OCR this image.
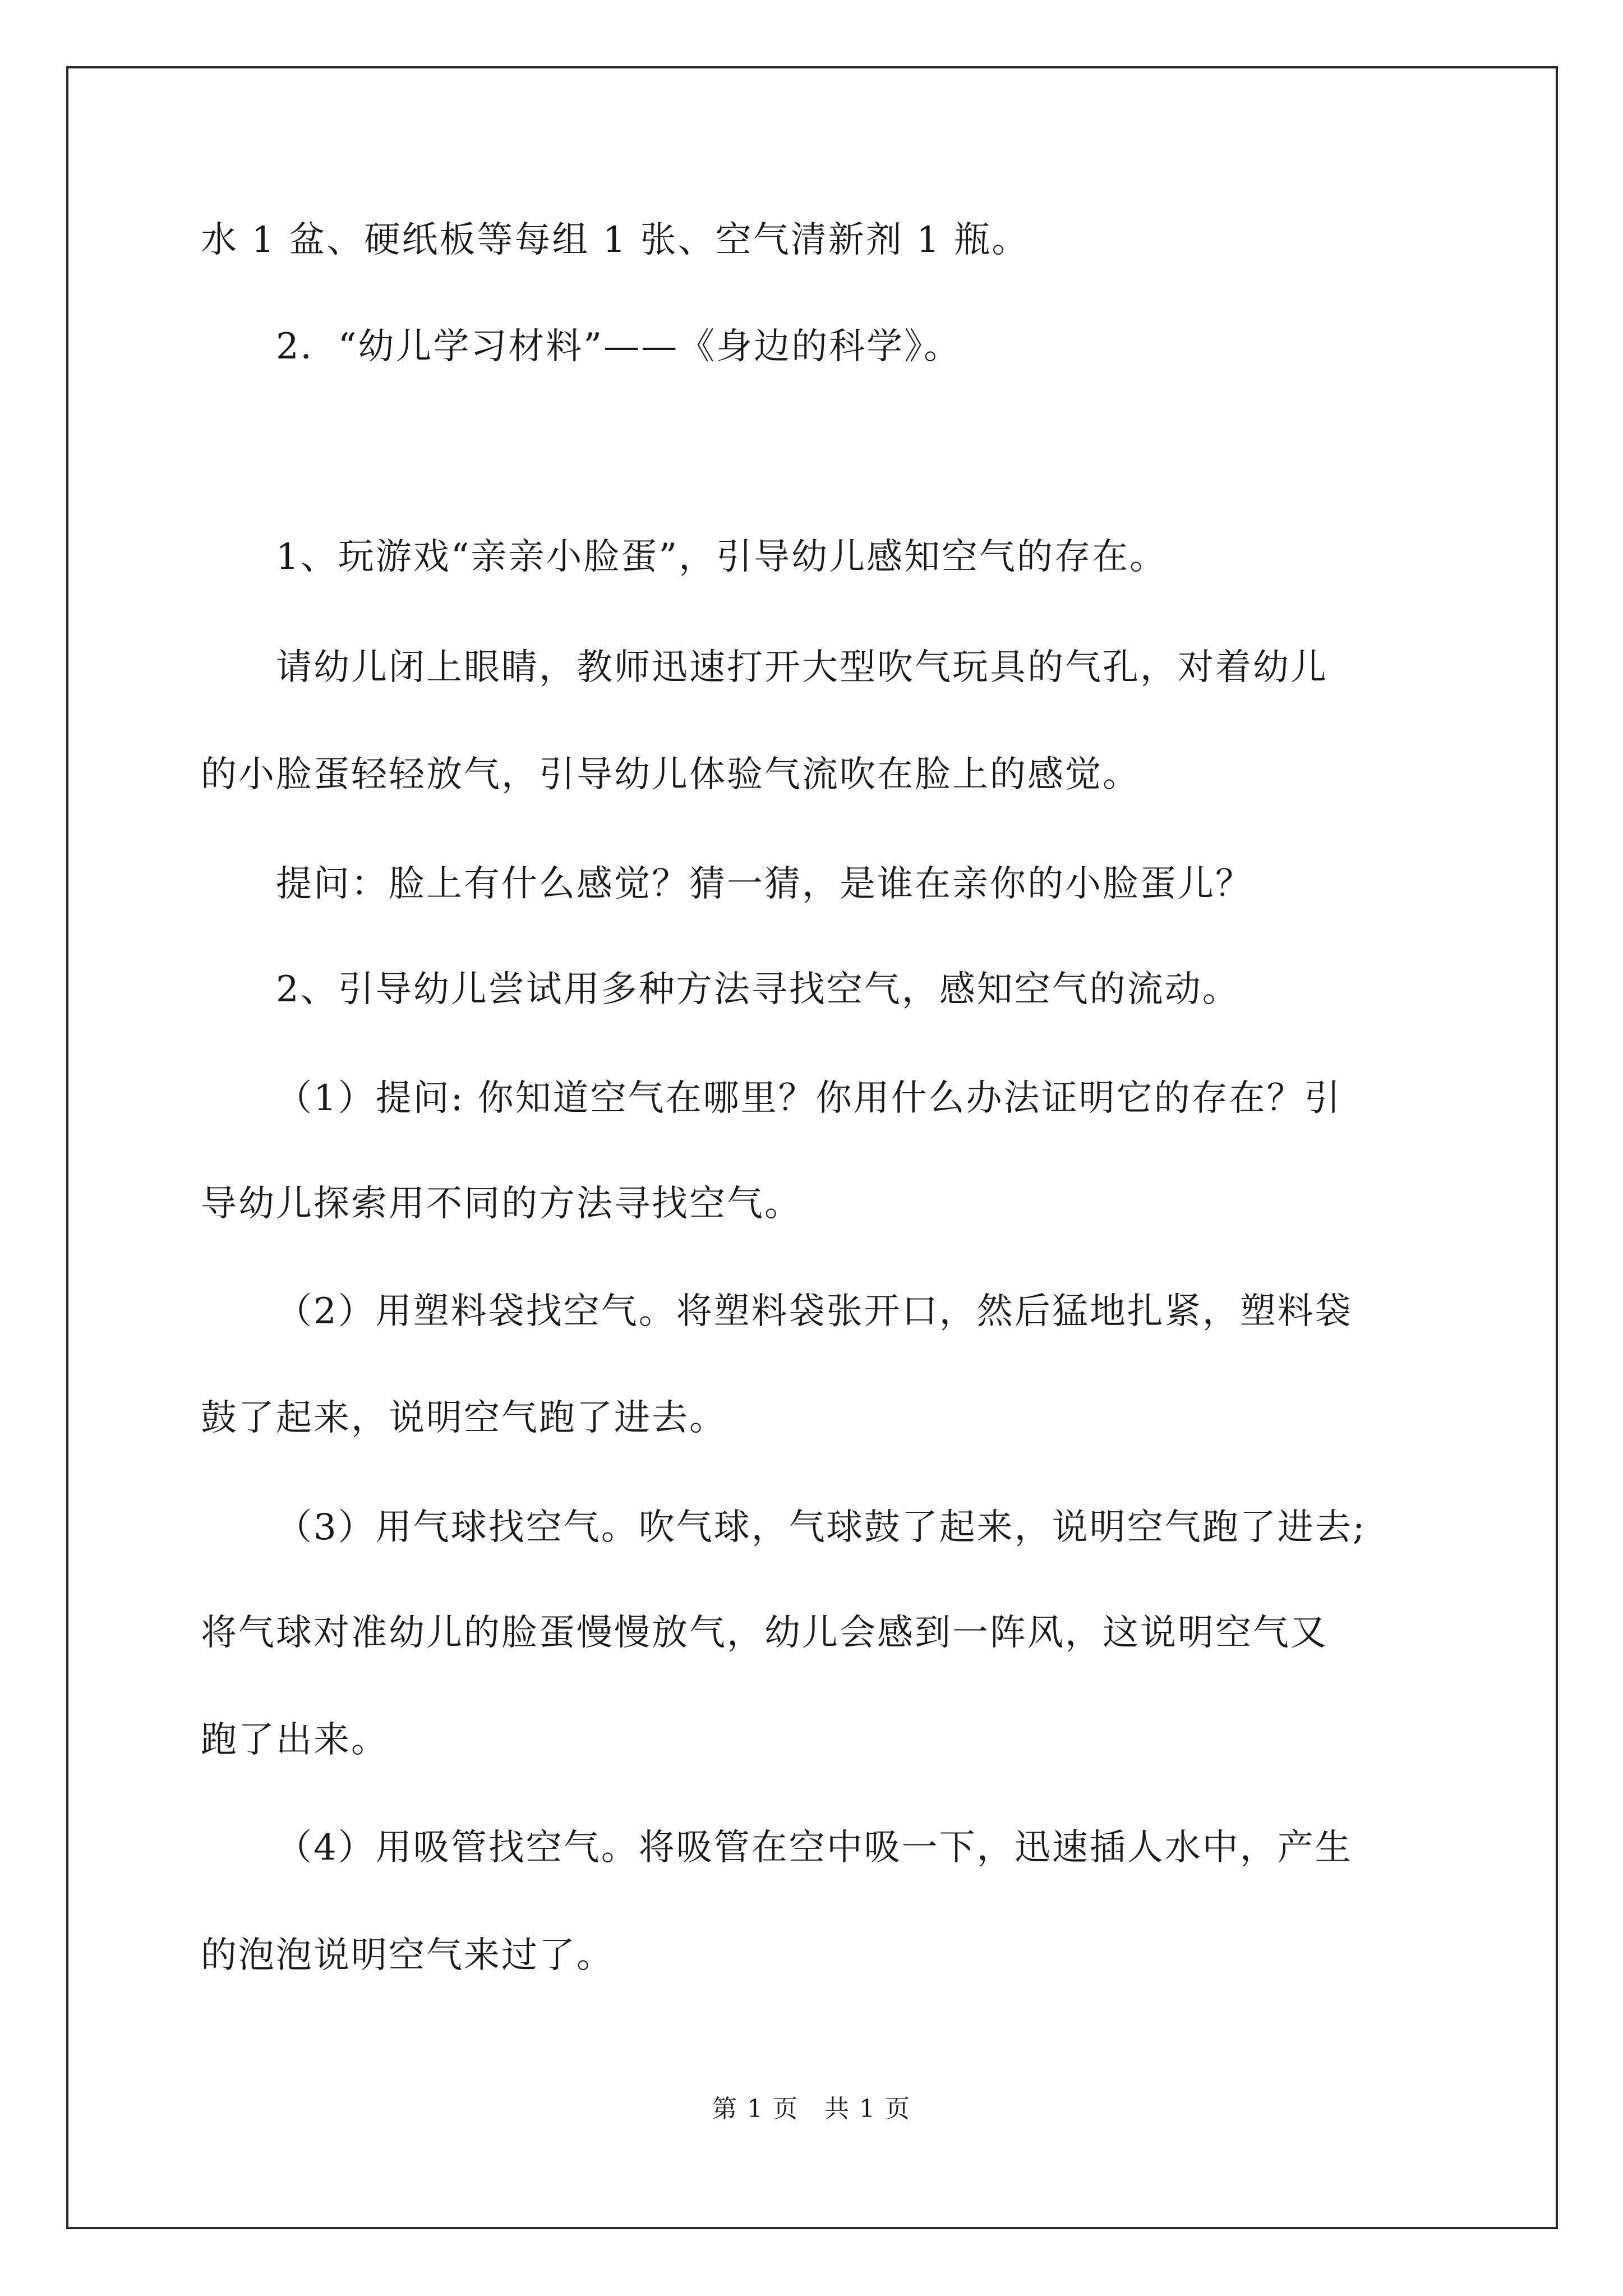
水 1 盆、硬纸板等每组 1 张、空气清新剂 1 瓶。
2．“幼儿学习材料”——《身边的科学》。
1、玩游戏“亲亲小脸蛋”，引导幼儿感知空气的存在。
请幼儿闭上眼睛，教师迅速打开大型吹气玩具的气孔，对着幼儿
的小脸蛋轻轻放气，引导幼儿体验气流吹在脸上的感觉。
提问：脸上有什么感觉？猜一猜，是谁在亲你的小脸蛋儿？
2、引导幼儿尝试用多种方法寻找空气，感知空气的流动。
（1）提问: 你知道空气在哪里？你用什么办法证明它的存在？引
导幼儿探索用不同的方法寻找空气。
（2）用塑料袋找空气。将塑料袋张开口，然后猛地扎紧，塑料袋
鼓了起来，说明空气跑了进去。
（3）用气球找空气。吹气球，气球鼓了起来，说明空气跑了进去;
将气球对准幼儿的脸蛋慢慢放气，幼儿会感到一阵风，这说明空气又
跑了出来。
（4）用吸管找空气。将吸管在空中吸一下，迅速插人水中，产生
的泡泡说明空气来过了。
第 1 页　共 1 页
